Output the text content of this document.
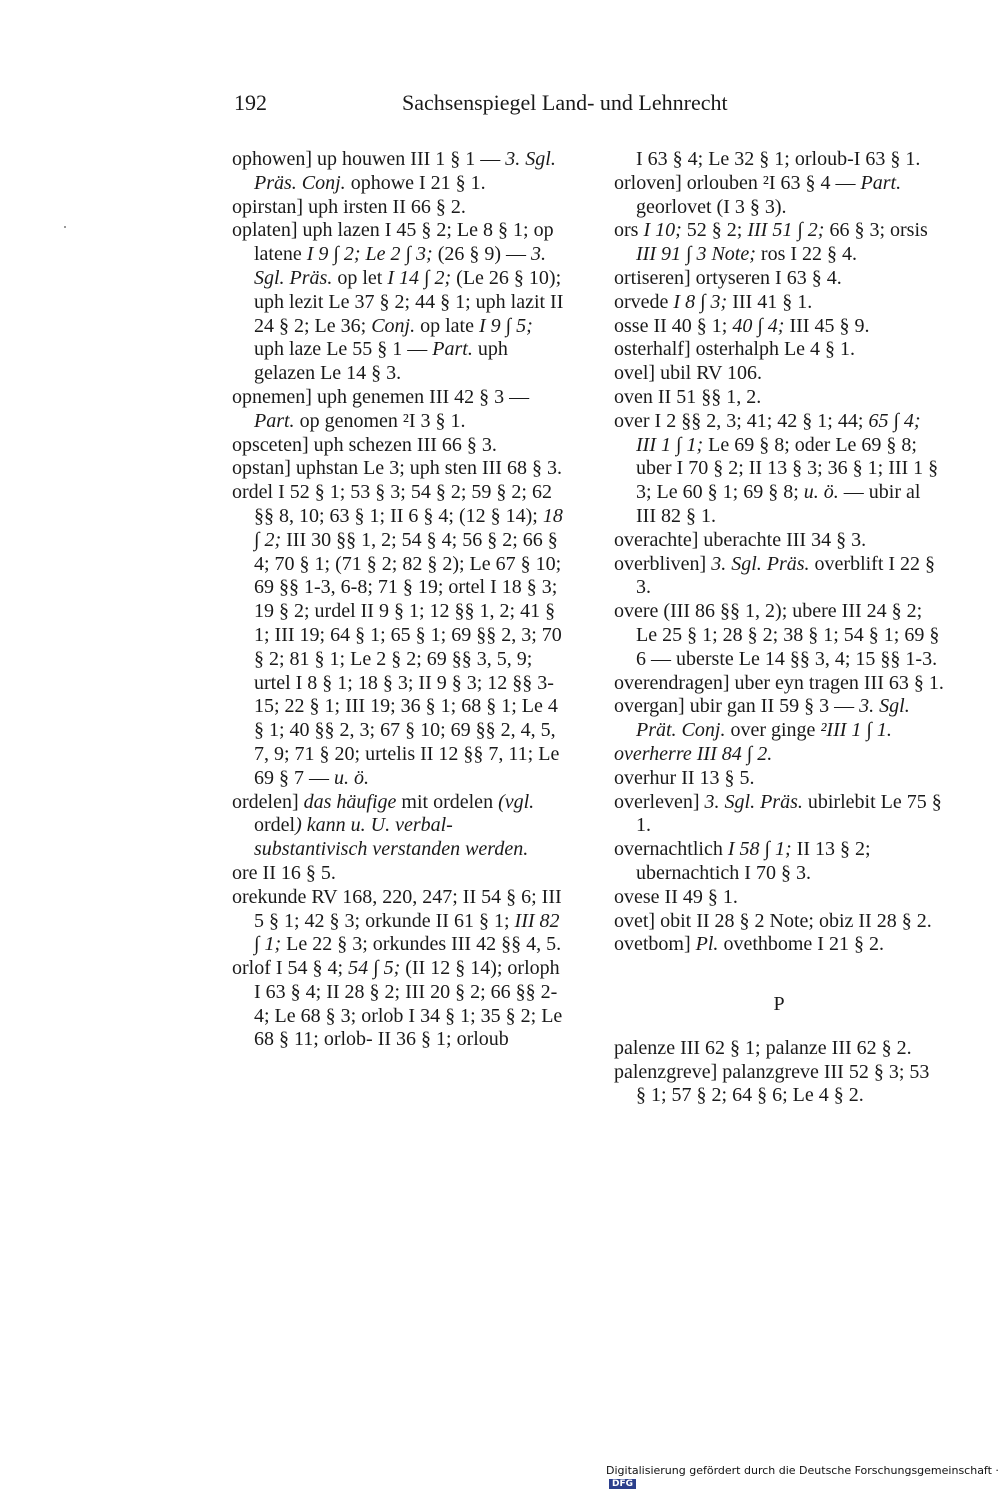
192	Sachsenspiegel Land- und Lehnrecht
ophowen] up houwen III 1 § 1 — 3. Sgl. Präs. Conj. ophowe I 21 § 1.
opirstan] uph irsten II 66 § 2.
oplaten] uph lazen I 45 § 2; Le 8 § 1; op latene I 9 ∫ 2; Le 2 ∫ 3; (26 § 9) — 3. Sgl. Präs. op let I 14 ∫ 2; (Le 26 § 10); uph lezit Le 37 § 2; 44 § 1; uph lazit II 24 § 2; Le 36; Conj. op late I 9 ∫ 5; uph laze Le 55 § 1 — Part. uph gelazen Le 14 § 3.
opnemen] uph genemen III 42 § 3 — Part. op genomen ²I 3 § 1.
opsceten] uph schezen III 66 § 3.
opstan] uphstan Le 3; uph sten III 68 § 3.
ordel I 52 § 1; 53 § 3; 54 § 2; 59 § 2; 62 §§ 8, 10; 63 § 1; II 6 § 4; (12 § 14); 18 ∫ 2; III 30 §§ 1, 2; 54 § 4; 56 § 2; 66 § 4; 70 § 1; (71 § 2; 82 § 2); Le 67 § 10; 69 §§ 1-3, 6-8; 71 § 19; ortel I 18 § 3; 19 § 2; urdel II 9 § 1; 12 §§ 1, 2; 41 § 1; III 19; 64 § 1; 65 § 1; 69 §§ 2, 3; 70 § 2; 81 § 1; Le 2 § 2; 69 §§ 3, 5, 9; urtel I 8 § 1; 18 § 3; II 9 § 3; 12 §§ 3-15; 22 § 1; III 19; 36 § 1; 68 § 1; Le 4 § 1; 40 §§ 2, 3; 67 § 10; 69 §§ 2, 4, 5, 7, 9; 71 § 20; urtelis II 12 §§ 7, 11; Le 69 § 7 — u. ö.
ordelen] das häufige mit ordelen (vgl. ordel) kann u. U. verbal-substantivisch verstanden werden.
ore II 16 § 5.
orekunde RV 168, 220, 247; II 54 § 6; III 5 § 1; 42 § 3; orkunde II 61 § 1; III 82 ∫ 1; Le 22 § 3; orkundes III 42 §§ 4, 5.
orlof I 54 § 4; 54 ∫ 5; (II 12 § 14); orloph I 63 § 4; II 28 § 2; III 20 § 2; 66 §§ 2-4; Le 68 § 3; orlob I 34 § 1; 35 § 2; Le 68 § 11; orlob- II 36 § 1; orloub
I 63 § 4; Le 32 § 1; orloub-I 63 § 1.
orloven] orlouben ²I 63 § 4 — Part. georlovet (I 3 § 3).
ors I 10; 52 § 2; III 51 ∫ 2; 66 § 3; orsis III 91 ∫ 3 Note; ros I 22 § 4.
ortiseren] ortyseren I 63 § 4.
orvede I 8 ∫ 3; III 41 § 1.
osse II 40 § 1; 40 ∫ 4; III 45 § 9.
osterhalf] osterhalph Le 4 § 1.
ovel] ubil RV 106.
oven II 51 §§ 1, 2.
over I 2 §§ 2, 3; 41; 42 § 1; 44; 65 ∫ 4; III 1 ∫ 1; Le 69 § 8; oder Le 69 § 8; uber I 70 § 2; II 13 § 3; 36 § 1; III 1 § 3; Le 60 § 1; 69 § 8; u. ö. — ubir al III 82 § 1.
overachte] uberachte III 34 § 3.
overbliven] 3. Sgl. Präs. overblift I 22 § 3.
overe (III 86 §§ 1, 2); ubere III 24 § 2; Le 25 § 1; 28 § 2; 38 § 1; 54 § 1; 69 § 6 — uberste Le 14 §§ 3, 4; 15 §§ 1-3.
overendragen] uber eyn tragen III 63 § 1.
overgan] ubir gan II 59 § 3 — 3. Sgl. Prät. Conj. over ginge ²III 1 ∫ 1.
overherre III 84 ∫ 2.
overhur II 13 § 5.
overleven] 3. Sgl. Präs. ubirlebit Le 75 § 1.
overnachtlich I 58 ∫ 1; II 13 § 2; ubernachtich I 70 § 3.
ovese II 49 § 1.
ovet] obit II 28 § 2 Note; obiz II 28 § 2.
ovetbom] Pl. ovethbome I 21 § 2.
P
palenze III 62 § 1; palanze III 62 § 2.
palenzgreve] palanzgreve III 52 § 3; 53 § 1; 57 § 2; 64 § 6; Le 4 § 2.
Digitalisierung gefördert durch die Deutsche Forschungsgemeinschaft ·DFG
